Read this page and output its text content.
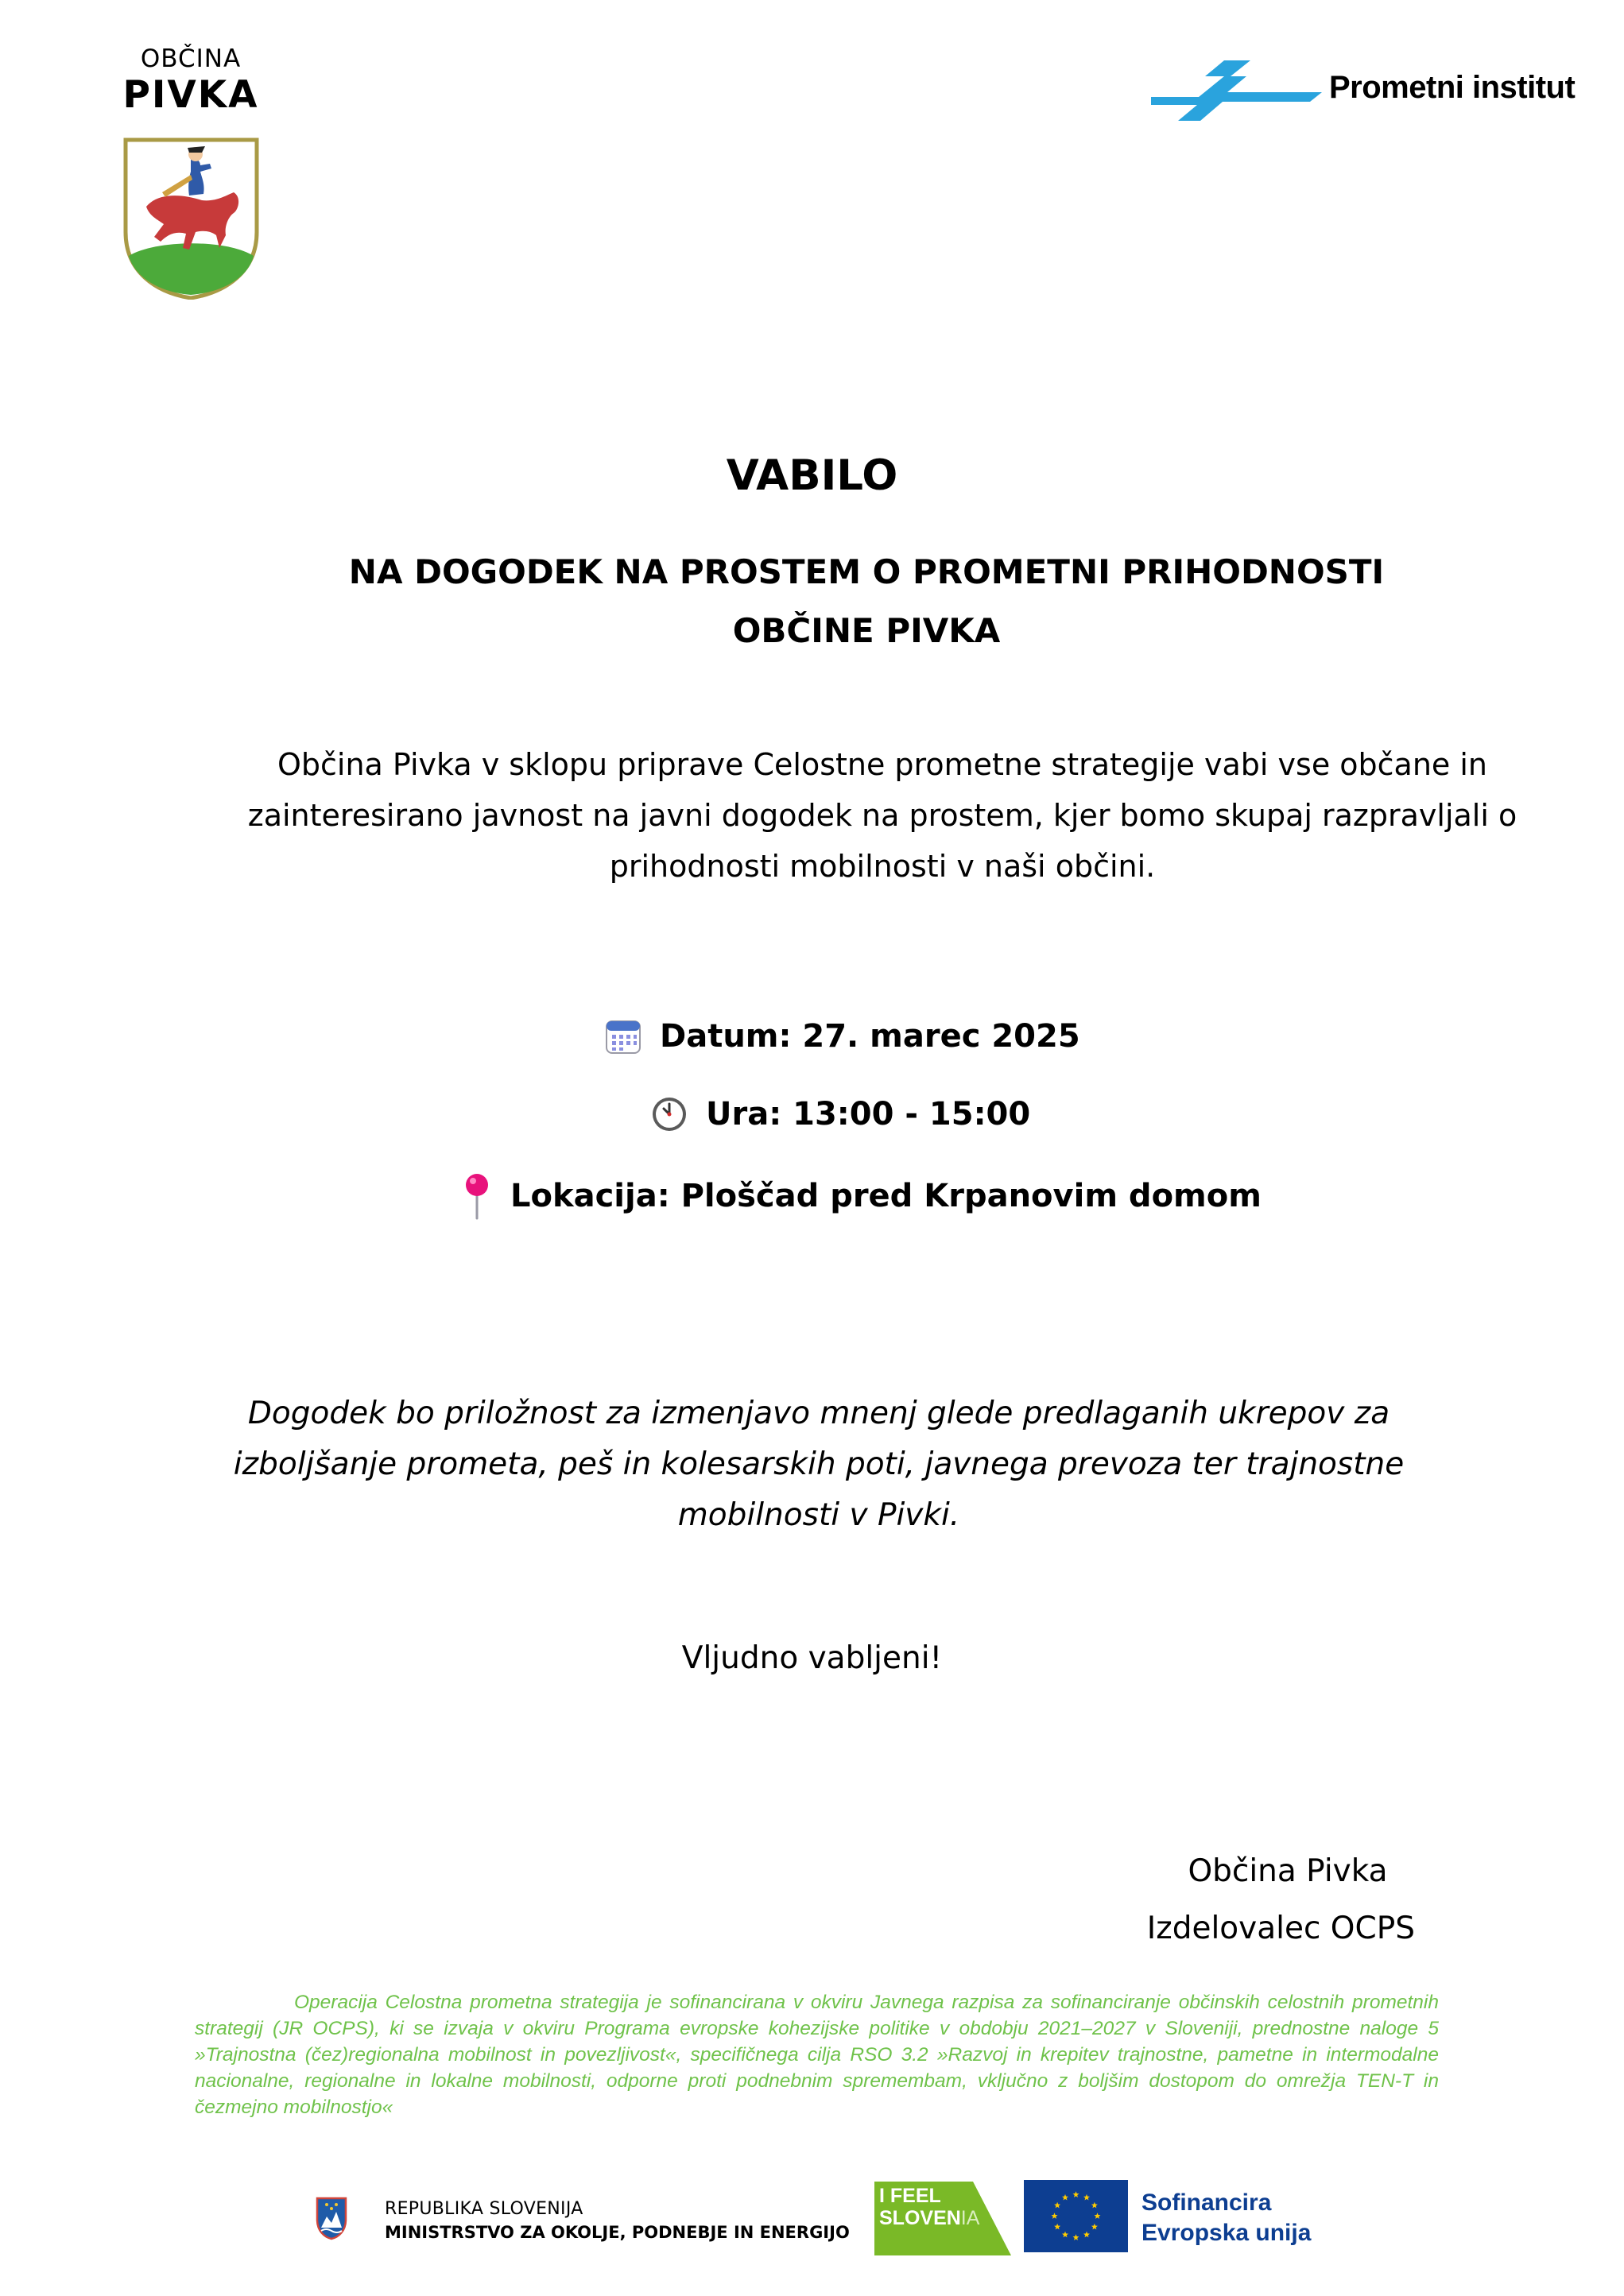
OBČINA
PIVKA	Prometni institut
VABILO
NA DOGODEK NA PROSTEM O PROMETNI PRIHODNOSTI
OBČINE PIVKA
Občina Pivka v sklopu priprave Celostne prometne strategije vabi vse občane in zainteresirano javnost na javni dogodek na prostem, kjer bomo skupaj razpravljali o prihodnosti mobilnosti v naši občini.
Datum: 27. marec 2025
Ura: 13:00 - 15:00
Lokacija: Ploščad pred Krpanovim domom
Dogodek bo priložnost za izmenjavo mnenj glede predlaganih ukrepov za izboljšanje prometa, peš in kolesarskih poti, javnega prevoza ter trajnostne mobilnosti v Pivki.
Vljudno vabljeni!
Občina Pivka
Izdelovalec OCPS
Operacija Celostna prometna strategija je sofinancirana v okviru Javnega razpisa za sofinanciranje občinskih celostnih prometnih strategij (JR OCPS), ki se izvaja v okviru Programa evropske kohezijske politike v obdobju 2021–2027 v Sloveniji, prednostne naloge 5 »Trajnostna (čez)regionalna mobilnost in povezljivost«, specifičnega cilja RSO 3.2 »Razvoj in krepitev trajnostne, pametne in intermodalne nacionalne, regionalne in lokalne mobilnosti, odporne proti podnebnim spremembam, vključno z boljšim dostopom do omrežja TEN-T in čezmejno mobilnostjo«
REPUBLIKA SLOVENIJA
MINISTRSTVO ZA OKOLJE, PODNEBJE IN ENERGIJO
I FEEL
SLOVENIA
Sofinancira
Evropska unija
